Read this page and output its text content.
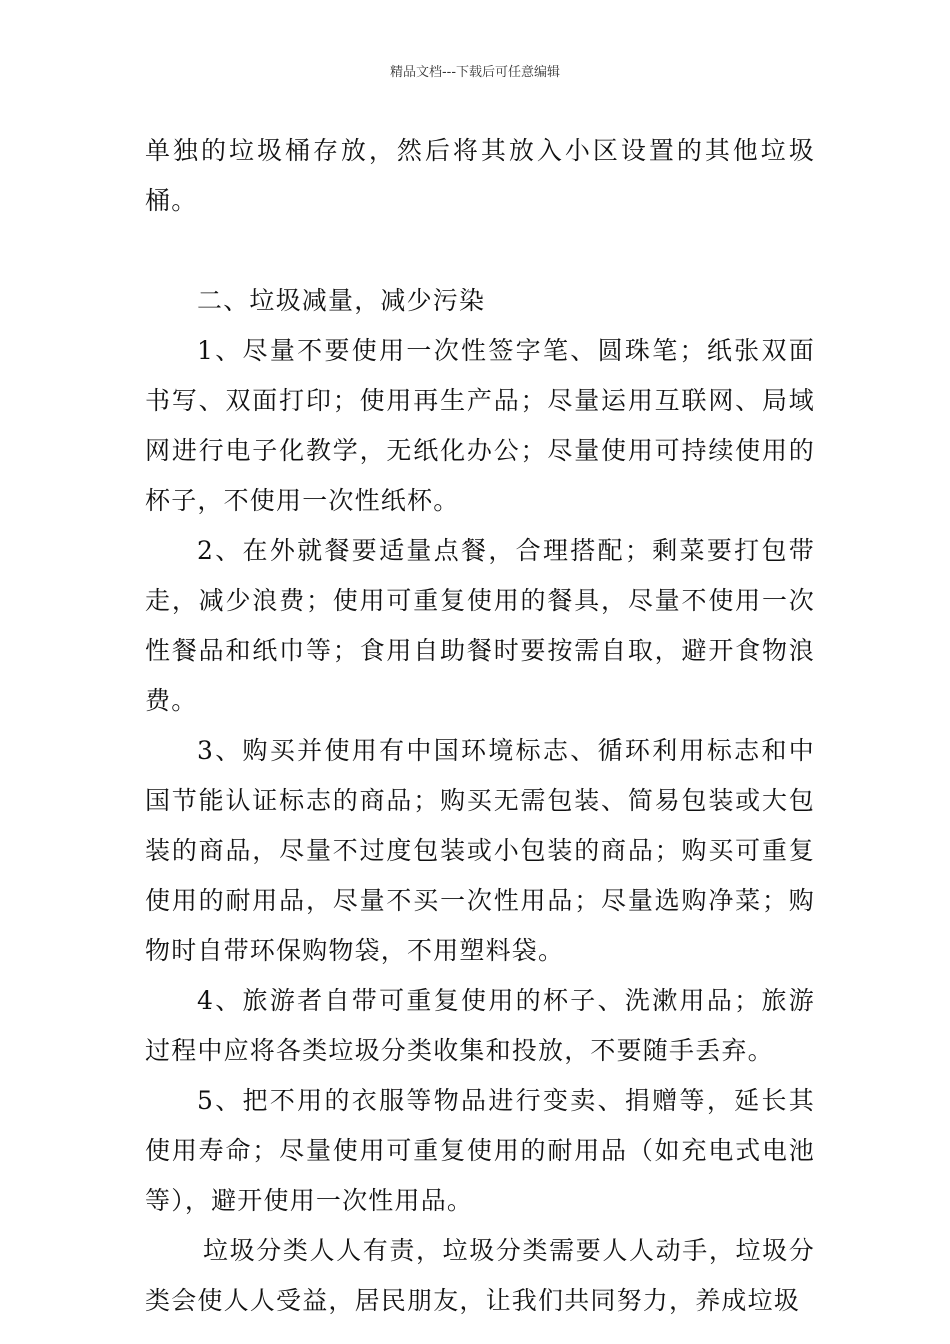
精品文档---下载后可任意编辑

单独的垃圾桶存放，然后将其放入小区设置的其他垃圾桶。

二、垃圾减量，减少污染

1、尽量不要使用一次性签字笔、圆珠笔；纸张双面书写、双面打印；使用再生产品；尽量运用互联网、局域网进行电子化教学，无纸化办公；尽量使用可持续使用的杯子，不使用一次性纸杯。

2、在外就餐要适量点餐，合理搭配；剩菜要打包带走，减少浪费；使用可重复使用的餐具，尽量不使用一次性餐品和纸巾等；食用自助餐时要按需自取，避开食物浪费。

3、购买并使用有中国环境标志、循环利用标志和中国节能认证标志的商品；购买无需包装、简易包装或大包装的商品，尽量不过度包装或小包装的商品；购买可重复使用的耐用品，尽量不买一次性用品；尽量选购净菜；购物时自带环保购物袋，不用塑料袋。

4、旅游者自带可重复使用的杯子、洗漱用品；旅游过程中应将各类垃圾分类收集和投放，不要随手丢弃。

5、把不用的衣服等物品进行变卖、捐赠等，延长其使用寿命；尽量使用可重复使用的耐用品（如充电式电池等），避开使用一次性用品。

垃圾分类人人有责，垃圾分类需要人人动手，垃圾分类会使人人受益，居民朋友，让我们共同努力，养成垃圾
